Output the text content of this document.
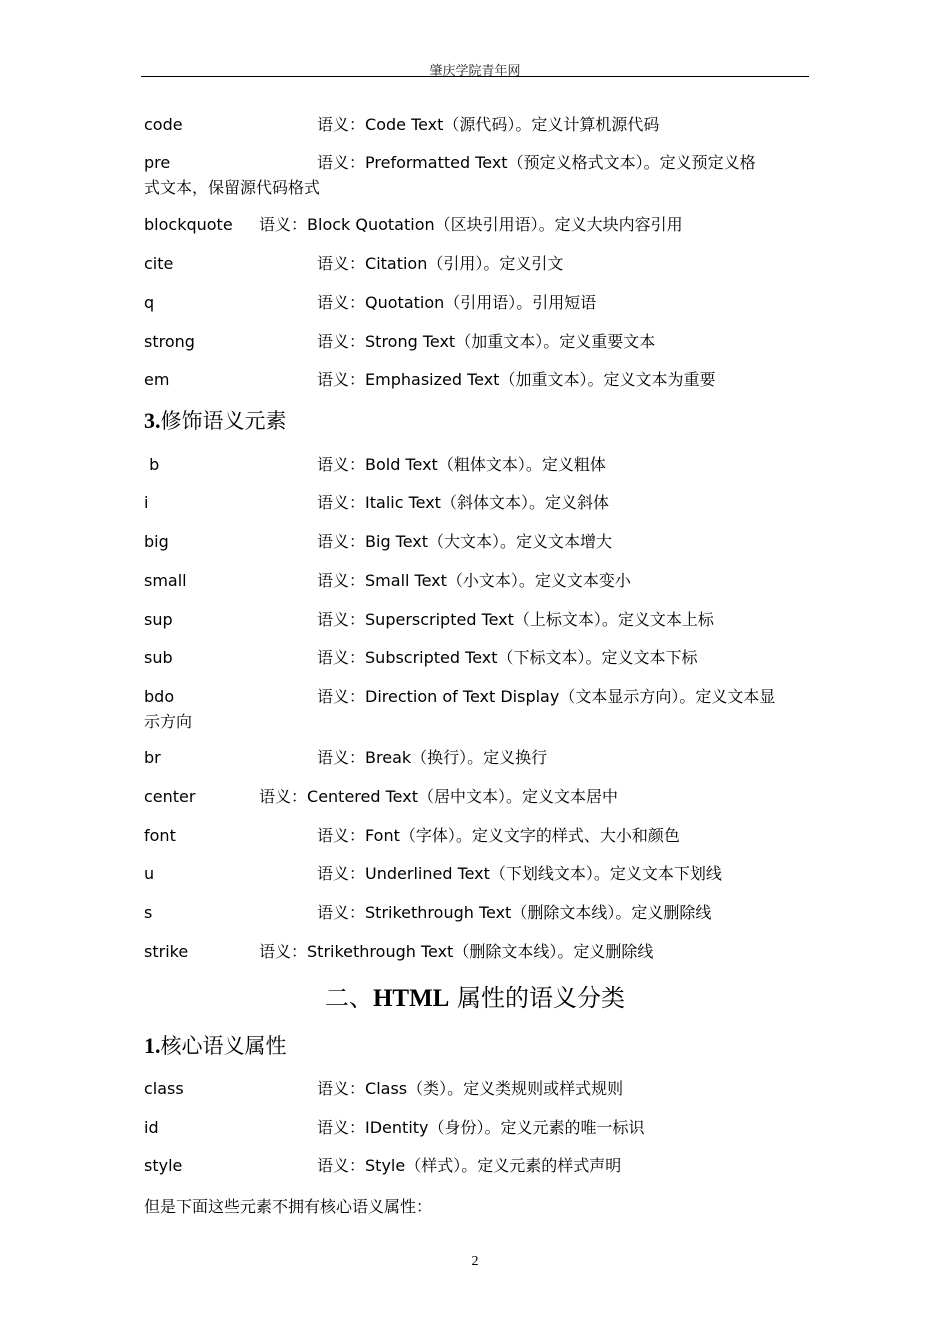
肇庆学院青年网
code	语义：Code Text（源代码）。定义计算机源代码
pre	语义：Preformatted Text（预定义格式文本）。定义预定义格
式文本，保留源代码格式
blockquote 语义：Block Quotation（区块引用语）。定义大块内容引用
cite	语义：Citation（引用）。定义引文
q	语义：Quotation（引用语）。引用短语
strong	语义：Strong Text（加重文本）。定义重要文本
em	语义：Emphasized Text（加重文本）。定义文本为重要
3.修饰语义元素
b	语义：Bold Text（粗体文本）。定义粗体
i	语义：Italic Text（斜体文本）。定义斜体
big	语义：Big Text（大文本）。定义文本增大
small	语义：Small Text（小文本）。定义文本变小
sup	语义：Superscripted Text（上标文本）。定义文本上标
sub	语义：Subscripted Text（下标文本）。定义文本下标
bdo	语义：Direction of Text Display（文本显示方向）。定义文本显
示方向
br	语义：Break（换行）。定义换行
center	语义：Centered Text（居中文本）。定义文本居中
font	语义：Font（字体）。定义文字的样式、大小和颜色
u	语义：Underlined Text（下划线文本）。定义文本下划线
s	语义：Strikethrough Text（删除文本线）。定义删除线
strike	语义：Strikethrough Text（删除文本线）。定义删除线
二、HTML 属性的语义分类
1.核心语义属性
class	语义：Class（类）。定义类规则或样式规则
id	语义：IDentity（身份）。定义元素的唯一标识
style	语义：Style（样式）。定义元素的样式声明
但是下面这些元素不拥有核心语义属性：
2
